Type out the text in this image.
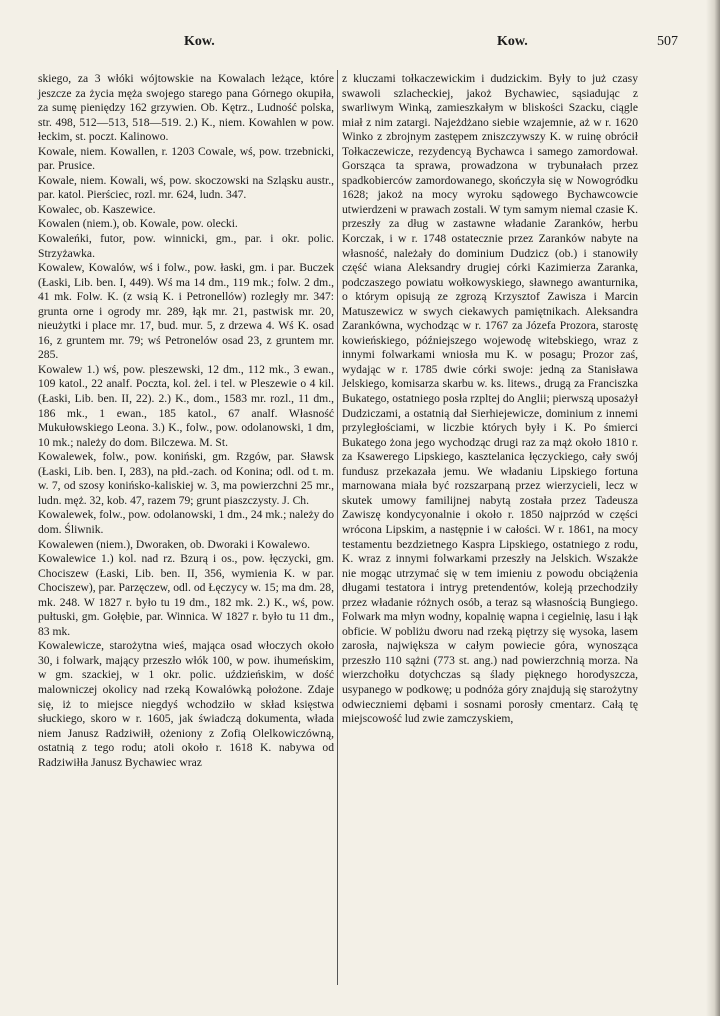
Kow.	Kow.	507

skiego, za 3 włóki wójtowskie na Kowalach leżące, które jeszcze za życia męża swojego starego pana Górnego okupiła, za sumę pieniędzy 162 grzywien. Ob. Kętrz., Ludność polska, str. 498, 512—513, 518—519. 2.) K., niem. Kowahlen w pow. łeckim, st. poczt. Kalinowo.

Kowale, niem. Kowallen, r. 1203 Cowale, wś, pow. trzebnicki, par. Prusice.

Kowale, niem. Kowali, wś, pow. skoczowski na Szląsku austr., par. katol. Pierściec, rozl. mr. 624, ludn. 347.

Kowalec, ob. Kaszewice.

Kowalen (niem.), ob. Kowale, pow. olecki.

Kowaleńki, futor, pow. winnicki, gm., par. i okr. polic. Strzyżawka.

Kowalew, Kowalów, wś i folw., pow. łaski, gm. i par. Buczek (Łaski, Lib. ben. I, 449). Wś ma 14 dm., 119 mk.; folw. 2 dm., 41 mk. Folw. K. (z wsią K. i Petronellów) rozległy mr. 347: grunta orne i ogrody mr. 289, łąk mr. 21, pastwisk mr. 20, nieużytki i place mr. 17, bud. mur. 5, z drzewa 4. Wś K. osad 16, z gruntem mr. 79; wś Petronelów osad 23, z gruntem mr. 285.

Kowalew 1.) wś, pow. pleszewski, 12 dm., 112 mk., 3 ewan., 109 katol., 22 analf. Poczta, kol. żel. i tel. w Pleszewie o 4 kil. (Łaski, Lib. ben. II, 22). 2.) K., dom., 1583 mr. rozl., 11 dm., 186 mk., 1 ewan., 185 katol., 67 analf. Własność Mukułowskiego Leona. 3.) K., folw., pow. odolanowski, 1 dm, 10 mk.; należy do dom. Bilczewa. M. St.

Kowalewek, folw., pow. koniński, gm. Rzgów, par. Sławsk (Łaski, Lib. ben. I, 283), na płd.-zach. od Konina; odl. od t. m. w. 7, od szosy konińsko-kaliskiej w. 3, ma powierzchni 25 mr., ludn. męż. 32, kob. 47, razem 79; grunt piaszczysty. J. Ch.

Kowalewek, folw., pow. odolanowski, 1 dm., 24 mk.; należy do dom. Śliwnik.

Kowalewen (niem.), Dworaken, ob. Dworaki i Kowalewo.

Kowalewice 1.) kol. nad rz. Bzurą i os., pow. łęczycki, gm. Chociszew (Łaski, Lib. ben. II, 356, wymienia K. w par. Chociszew), par. Parzęczew, odl. od Łęczycy w. 15; ma dm. 28, mk. 248. W 1827 r. było tu 19 dm., 182 mk. 2.) K., wś, pow. pułtuski, gm. Gołębie, par. Winnica. W 1827 r. było tu 11 dm., 83 mk.

Kowalewicze, starożytna wieś, mająca osad włoczych około 30, i folwark, mający przeszło włók 100, w pow. ihumeńskim, w gm. szackiej, w 1 okr. polic. uździeńskim, w dość malowniczej okolicy nad rzeką Kowalówką położone. Zdaje się, iż to miejsce niegdyś wchodziło w skład księstwa słuckiego, skoro w r. 1605, jak świadczą dokumenta, włada niem Janusz Radziwiłł, ożeniony z Zofią Olelkowiczówną, ostatnią z tego rodu; atoli około r. 1618 K. nabywa od Radziwiłła Janusz Bychawiec wraz

z kluczami tołkaczewickim i dudzickim. Były to już czasy swawoli szlacheckiej, jakoż Bychawiec, sąsiadując z swarliwym Winką, zamieszkałym w bliskości Szacku, ciągle miał z nim zatargi. Najeżdżano siebie wzajemnie, aż w r. 1620 Winko z zbrojnym zastępem zniszczywszy K. w ruinę obrócił Tołkaczewicze, rezydencyą Bychawca i samego zamordował. Gorsząca ta sprawa, prowadzona w trybunałach przez spadkobierców zamordowanego, skończyła się w Nowogródku 1628; jakoż na mocy wyroku sądowego Bychawcowcie utwierdzeni w prawach zostali. W tym samym niemal czasie K. przeszły za dług w zastawne władanie Zaranków, herbu Korczak, i w r. 1748 ostatecznie przez Zaranków nabyte na własność, należały do dominium Dudzicz (ob.) i stanowiły część wiana Aleksandry drugiej córki Kazimierza Zaranka, podczaszego powiatu wołkowyskiego, sławnego awanturnika, o którym opisują ze zgrozą Krzysztof Zawisza i Marcin Matuszewicz w swych ciekawych pamiętnikach. Aleksandra Zarankówna, wychodząc w r. 1767 za Józefa Prozora, starostę kowieńskiego, późniejszego wojewodę witebskiego, wraz z innymi folwarkami wniosła mu K. w posagu; Prozor zaś, wydając w r. 1785 dwie córki swoje: jedną za Stanisława Jelskiego, komisarza skarbu w. ks. litews., drugą za Franciszka Bukatego, ostatniego posła rzpltej do Anglii; pierwszą uposażył Dudziczami, a ostatnią dał Sierhiejewicze, dominium z innemi przyległościami, w liczbie których były i K. Po śmierci Bukatego żona jego wychodząc drugi raz za mąż około 1810 r. za Ksawerego Lipskiego, kasztelanica łęczyckiego, cały swój fundusz przekazała jemu. We władaniu Lipskiego fortuna marnowana miała być rozszarpaną przez wierzycieli, lecz w skutek umowy familijnej nabytą została przez Tadeusza Zawiszę kondycyonalnie i około r. 1850 najprzód w części wrócona Lipskim, a następnie i w całości. W r. 1861, na mocy testamentu bezdzietnego Kaspra Lipskiego, ostatniego z rodu, K. wraz z innymi folwarkami przeszły na Jelskich. Wszakże nie mogąc utrzymać się w tem imieniu z powodu obciążenia długami testatora i intryg pretendentów, koleją przechodziły przez władanie różnych osób, a teraz są własnością Bungiego. Folwark ma młyn wodny, kopalnię wapna i cegielnię, lasu i łąk obficie. W pobliżu dworu nad rzeką piętrzy się wysoka, lasem zarosła, największa w całym powiecie góra, wynosząca przeszło 110 sążni (773 st. ang.) nad powierzchnią morza. Na wierzchołku dotychczas są ślady pięknego horodyszcza, usypanego w podkowę; u podnóża góry znajdują się starożytny odwieczniemi dębami i sosnami porosły cmentarz. Całą tę miejscowość lud zwie zamczyskiem,
